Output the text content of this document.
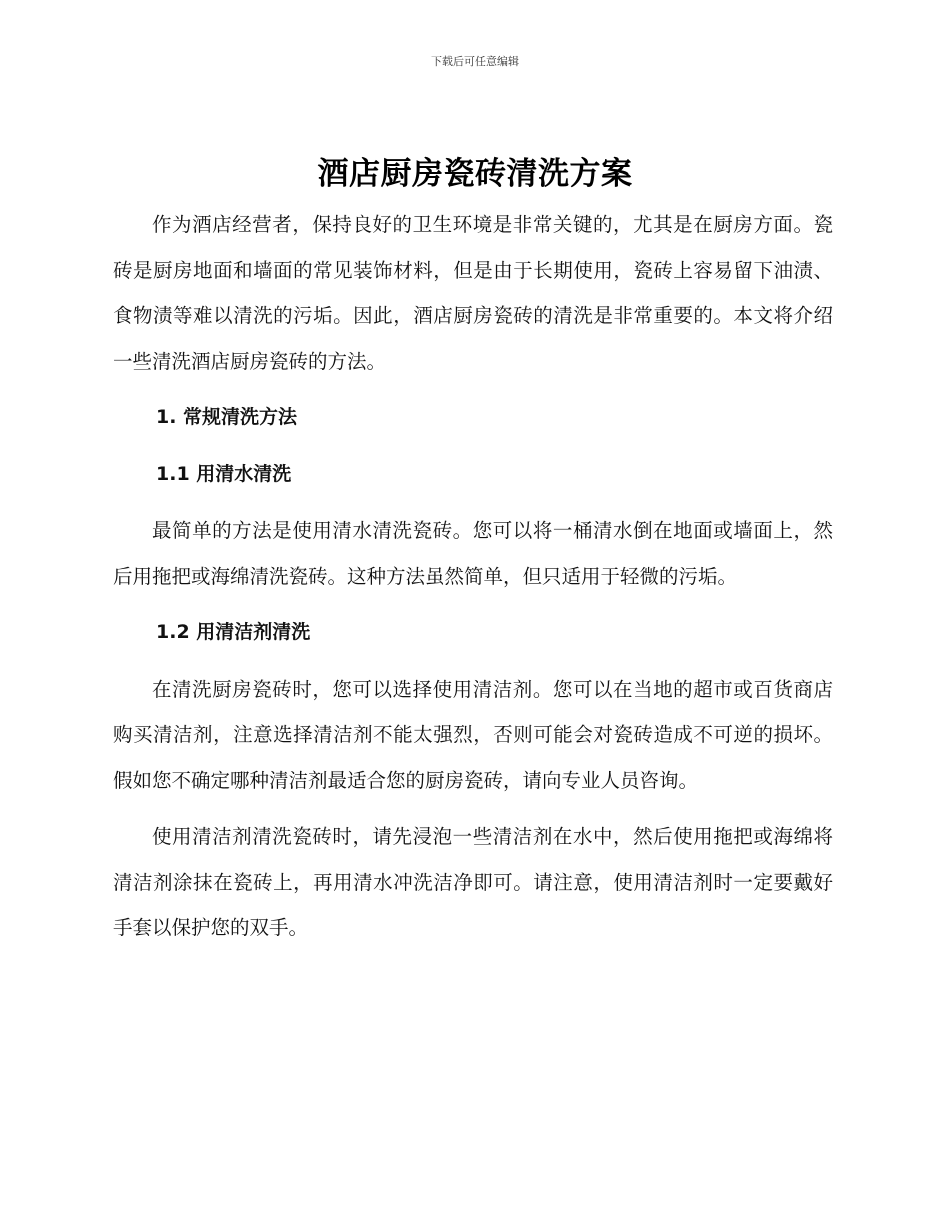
下载后可任意编辑
酒店厨房瓷砖清洗方案

作为酒店经营者，保持良好的卫生环境是非常关键的，尤其是在厨房方面。瓷砖是厨房地面和墙面的常见装饰材料，但是由于长期使用，瓷砖上容易留下油渍、食物渍等难以清洗的污垢。因此，酒店厨房瓷砖的清洗是非常重要的。本文将介绍一些清洗酒店厨房瓷砖的方法。

1. 常规清洗方法

1.1 用清水清洗

最简单的方法是使用清水清洗瓷砖。您可以将一桶清水倒在地面或墙面上，然后用拖把或海绵清洗瓷砖。这种方法虽然简单，但只适用于轻微的污垢。

1.2 用清洁剂清洗

在清洗厨房瓷砖时，您可以选择使用清洁剂。您可以在当地的超市或百货商店购买清洁剂，注意选择清洁剂不能太强烈，否则可能会对瓷砖造成不可逆的损坏。假如您不确定哪种清洁剂最适合您的厨房瓷砖，请向专业人员咨询。

使用清洁剂清洗瓷砖时，请先浸泡一些清洁剂在水中，然后使用拖把或海绵将清洁剂涂抹在瓷砖上，再用清水冲洗洁净即可。请注意，使用清洁剂时一定要戴好手套以保护您的双手。
